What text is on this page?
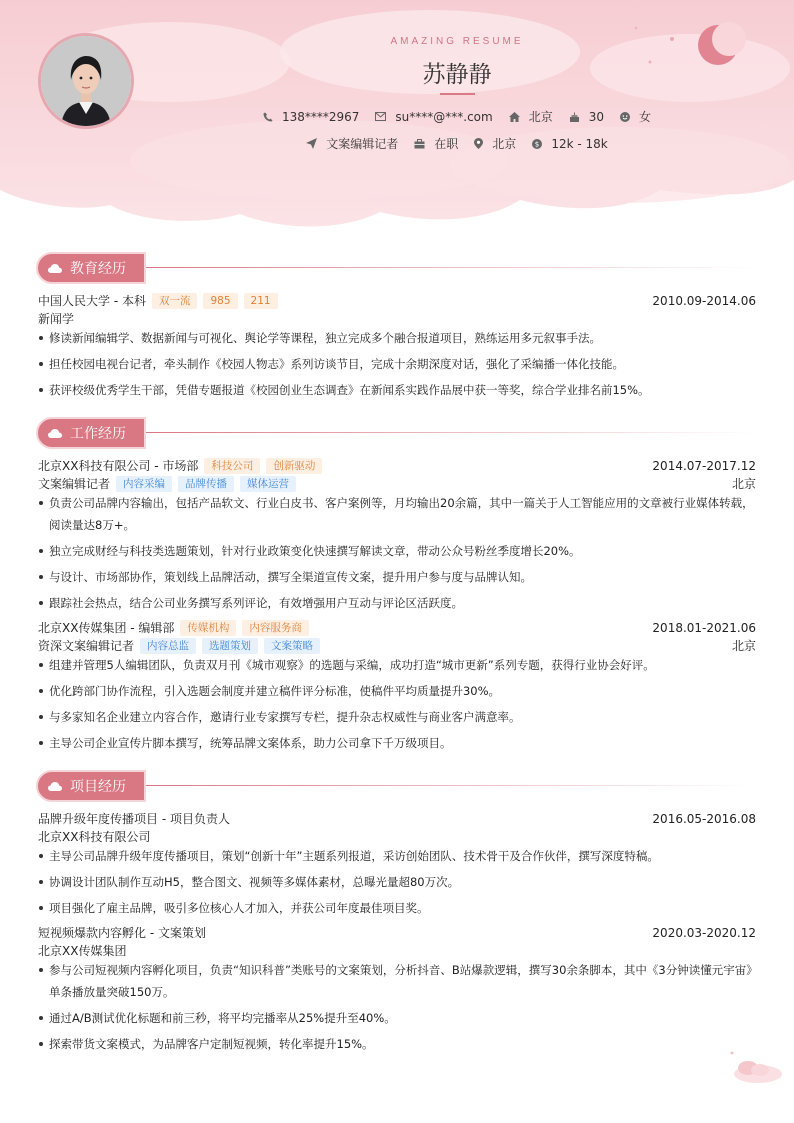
AMAZING RESUME
苏静静
138****2967	su****@***.com	北京	30	女
文案编辑记者	在职	北京	$ 12k - 18k
教育经历
中国人民大学 - 本科	双一流	985	211	2010.09-2014.06
新闻学
修读新闻编辑学、数据新闻与可视化、舆论学等课程，独立完成多个融合报道项目，熟练运用多元叙事手法。
担任校园电视台记者，牵头制作《校园人物志》系列访谈节目，完成十余期深度对话，强化了采编播一体化技能。
获评校级优秀学生干部，凭借专题报道《校园创业生态调查》在新闻系实践作品展中获一等奖，综合学业排名前15%。
工作经历
北京XX科技有限公司 - 市场部	科技公司	创新驱动	2014.07-2017.12
文案编辑记者	内容采编	品牌传播	媒体运营	北京
负责公司品牌内容输出，包括产品软文、行业白皮书、客户案例等，月均输出20余篇，其中一篇关于人工智能应用的文章被行业媒体转载，阅读量达8万+。
独立完成财经与科技类选题策划，针对行业政策变化快速撰写解读文章，带动公众号粉丝季度增长20%。
与设计、市场部协作，策划线上品牌活动，撰写全渠道宣传文案，提升用户参与度与品牌认知。
跟踪社会热点，结合公司业务撰写系列评论，有效增强用户互动与评论区活跃度。
北京XX传媒集团 - 编辑部	传媒机构	内容服务商	2018.01-2021.06
资深文案编辑记者	内容总监	选题策划	文案策略	北京
组建并管理5人编辑团队，负责双月刊《城市观察》的选题与采编，成功打造“城市更新”系列专题，获得行业协会好评。
优化跨部门协作流程，引入选题会制度并建立稿件评分标准，使稿件平均质量提升30%。
与多家知名企业建立内容合作，邀请行业专家撰写专栏，提升杂志权威性与商业客户满意率。
主导公司企业宣传片脚本撰写，统筹品牌文案体系，助力公司拿下千万级项目。
项目经历
品牌升级年度传播项目 - 项目负责人	2016.05-2016.08
北京XX科技有限公司
主导公司品牌升级年度传播项目，策划“创新十年”主题系列报道，采访创始团队、技术骨干及合作伙伴，撰写深度特稿。
协调设计团队制作互动H5，整合图文、视频等多媒体素材，总曝光量超80万次。
项目强化了雇主品牌，吸引多位核心人才加入，并获公司年度最佳项目奖。
短视频爆款内容孵化 - 文案策划	2020.03-2020.12
北京XX传媒集团
参与公司短视频内容孵化项目，负责“知识科普”类账号的文案策划，分析抖音、B站爆款逻辑，撰写30余条脚本，其中《3分钟读懂元宇宙》单条播放量突破150万。
通过A/B测试优化标题和前三秒，将平均完播率从25%提升至40%。
探索带货文案模式，为品牌客户定制短视频，转化率提升15%。
